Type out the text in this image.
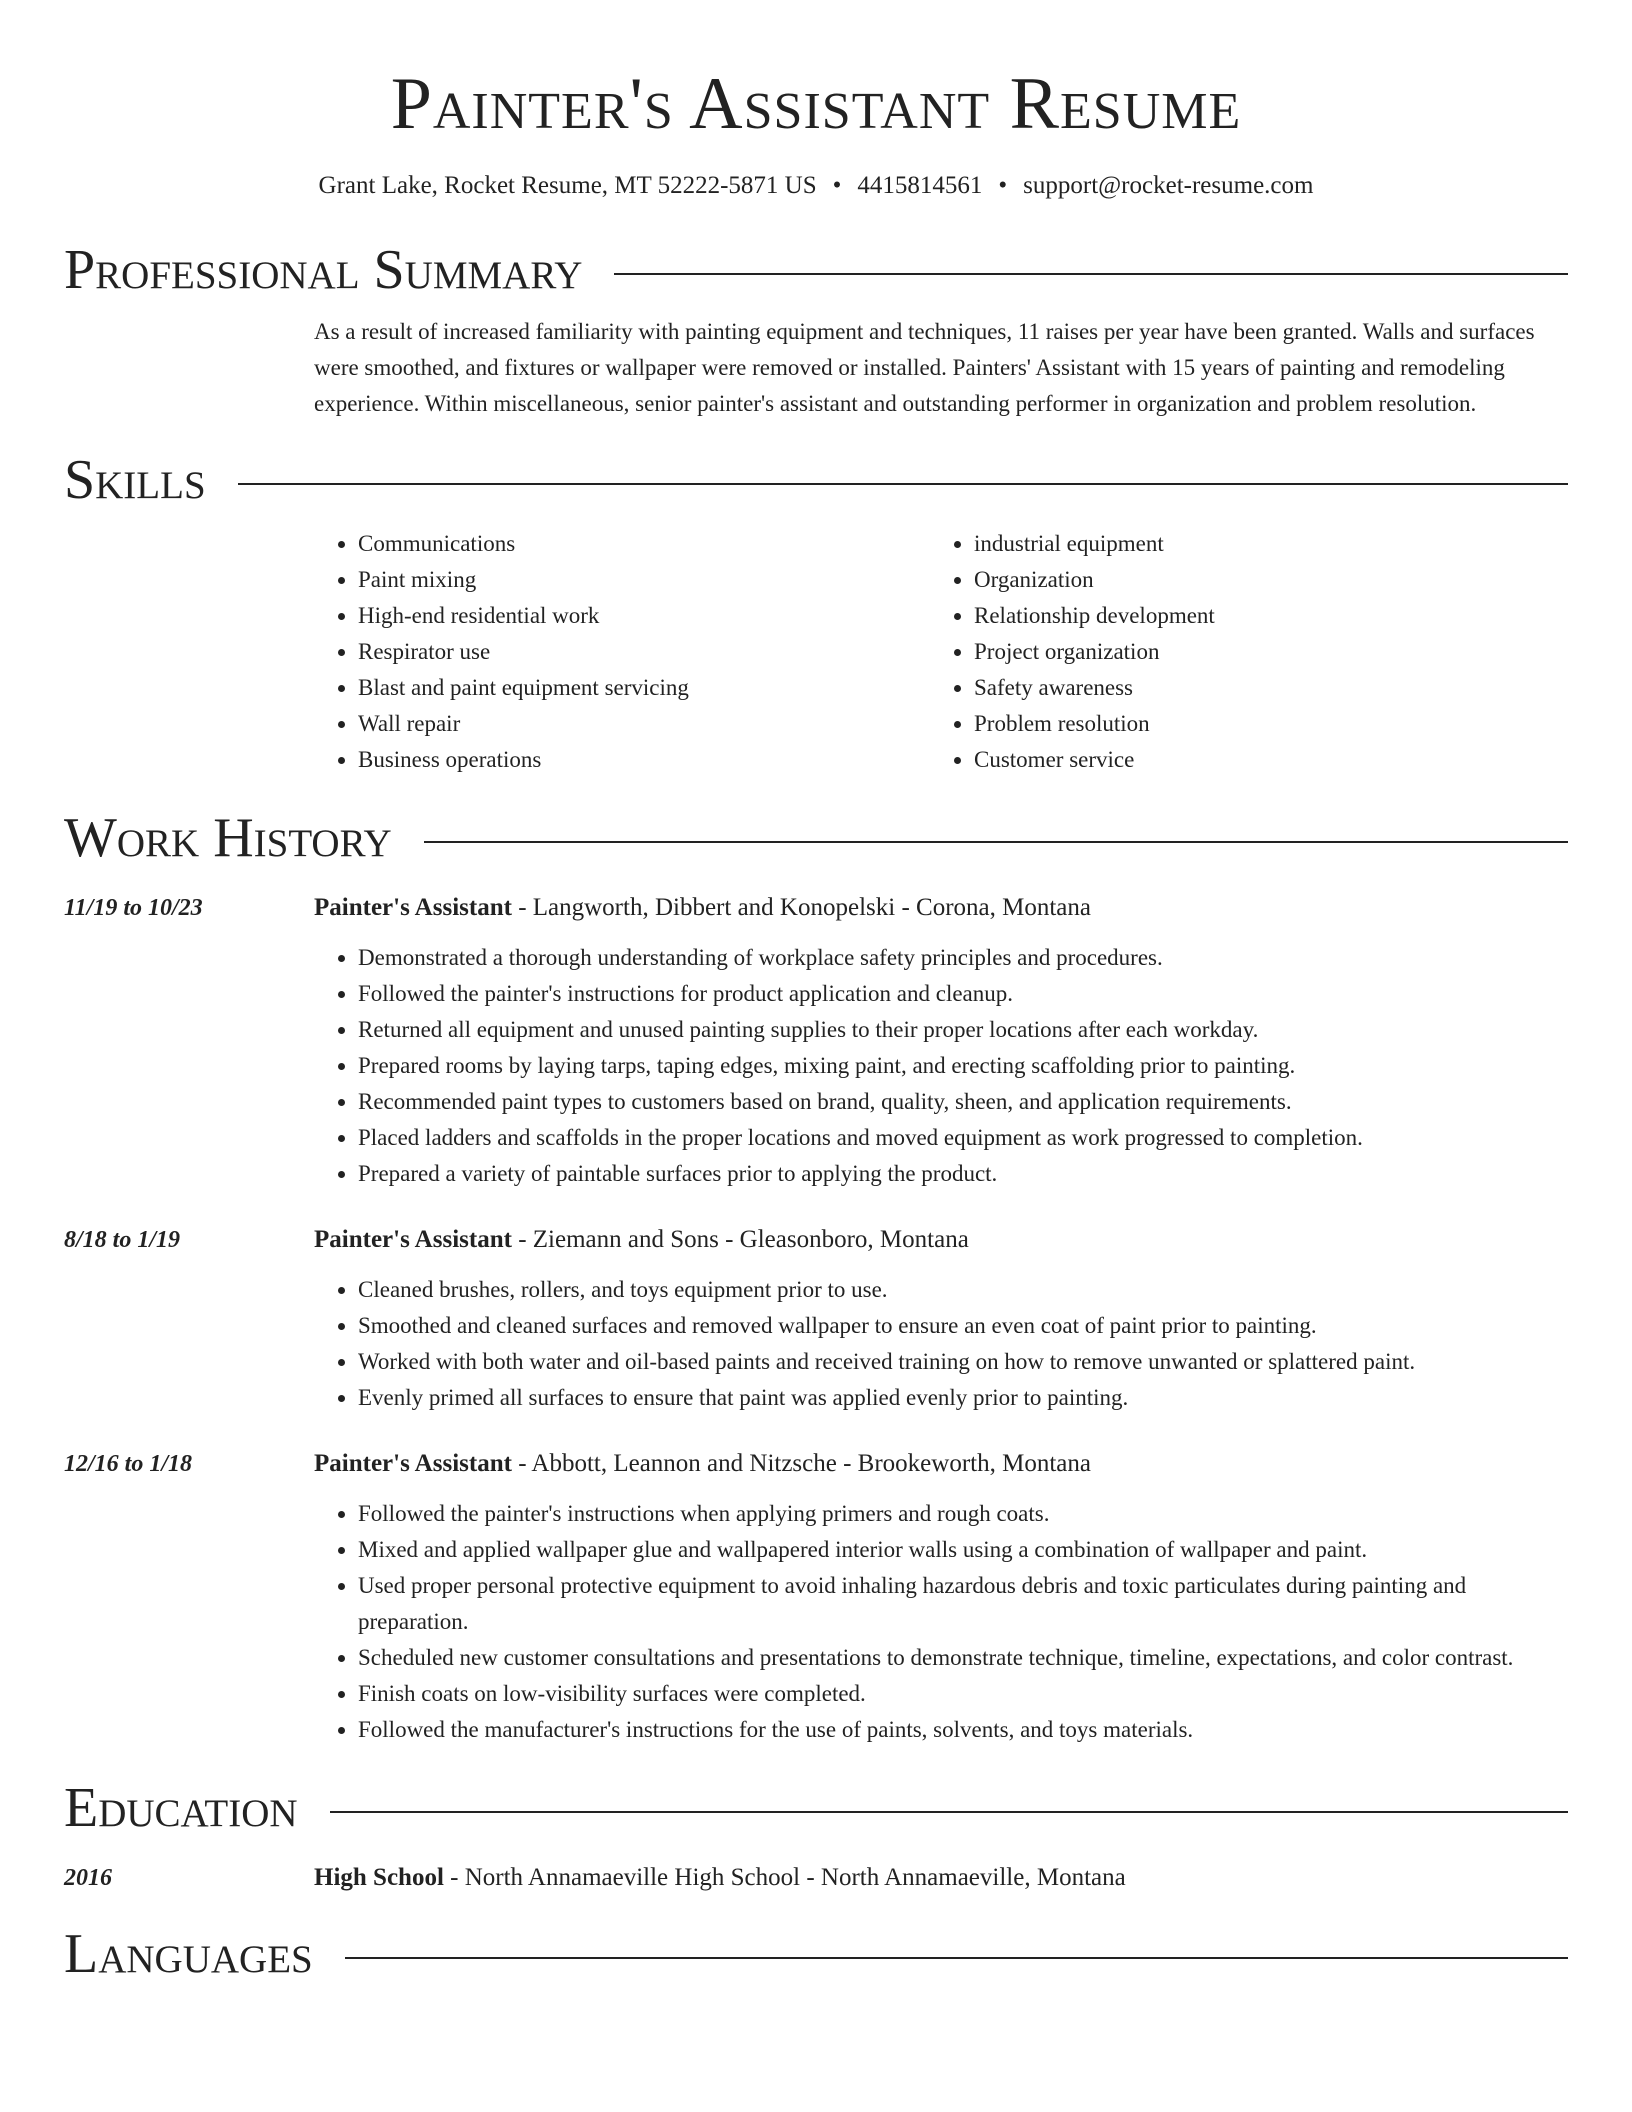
Painter's Assistant Resume
Grant Lake, Rocket Resume, MT 52222-5871 US • 4415814561 • support@rocket-resume.com
Professional Summary

As a result of increased familiarity with painting equipment and techniques, 11 raises per year have been granted. Walls and surfaces were smoothed, and fixtures or wallpaper were removed or installed. Painters' Assistant with 15 years of painting and remodeling experience. Within miscellaneous, senior painter's assistant and outstanding performer in organization and problem resolution.

Skills
• Communications
• Paint mixing
• High-end residential work
• Respirator use
• Blast and paint equipment servicing
• Wall repair
• Business operations
• industrial equipment
• Organization
• Relationship development
• Project organization
• Safety awareness
• Problem resolution
• Customer service
Work History
11/19 to 10/23	Painter's Assistant - Langworth, Dibbert and Konopelski - Corona, Montana
• Demonstrated a thorough understanding of workplace safety principles and procedures.
• Followed the painter's instructions for product application and cleanup.
• Returned all equipment and unused painting supplies to their proper locations after each workday.
• Prepared rooms by laying tarps, taping edges, mixing paint, and erecting scaffolding prior to painting.
• Recommended paint types to customers based on brand, quality, sheen, and application requirements.
• Placed ladders and scaffolds in the proper locations and moved equipment as work progressed to completion.
• Prepared a variety of paintable surfaces prior to applying the product.
8/18 to 1/19	Painter's Assistant - Ziemann and Sons - Gleasonboro, Montana
• Cleaned brushes, rollers, and toys equipment prior to use.
• Smoothed and cleaned surfaces and removed wallpaper to ensure an even coat of paint prior to painting.
• Worked with both water and oil-based paints and received training on how to remove unwanted or splattered paint.
• Evenly primed all surfaces to ensure that paint was applied evenly prior to painting.
12/16 to 1/18	Painter's Assistant - Abbott, Leannon and Nitzsche - Brookeworth, Montana
• Followed the painter's instructions when applying primers and rough coats.
• Mixed and applied wallpaper glue and wallpapered interior walls using a combination of wallpaper and paint.
• Used proper personal protective equipment to avoid inhaling hazardous debris and toxic particulates during painting and preparation.
• Scheduled new customer consultations and presentations to demonstrate technique, timeline, expectations, and color contrast.
• Finish coats on low-visibility surfaces were completed.
• Followed the manufacturer's instructions for the use of paints, solvents, and toys materials.
Education
2016	High School - North Annamaeville High School - North Annamaeville, Montana
Languages
